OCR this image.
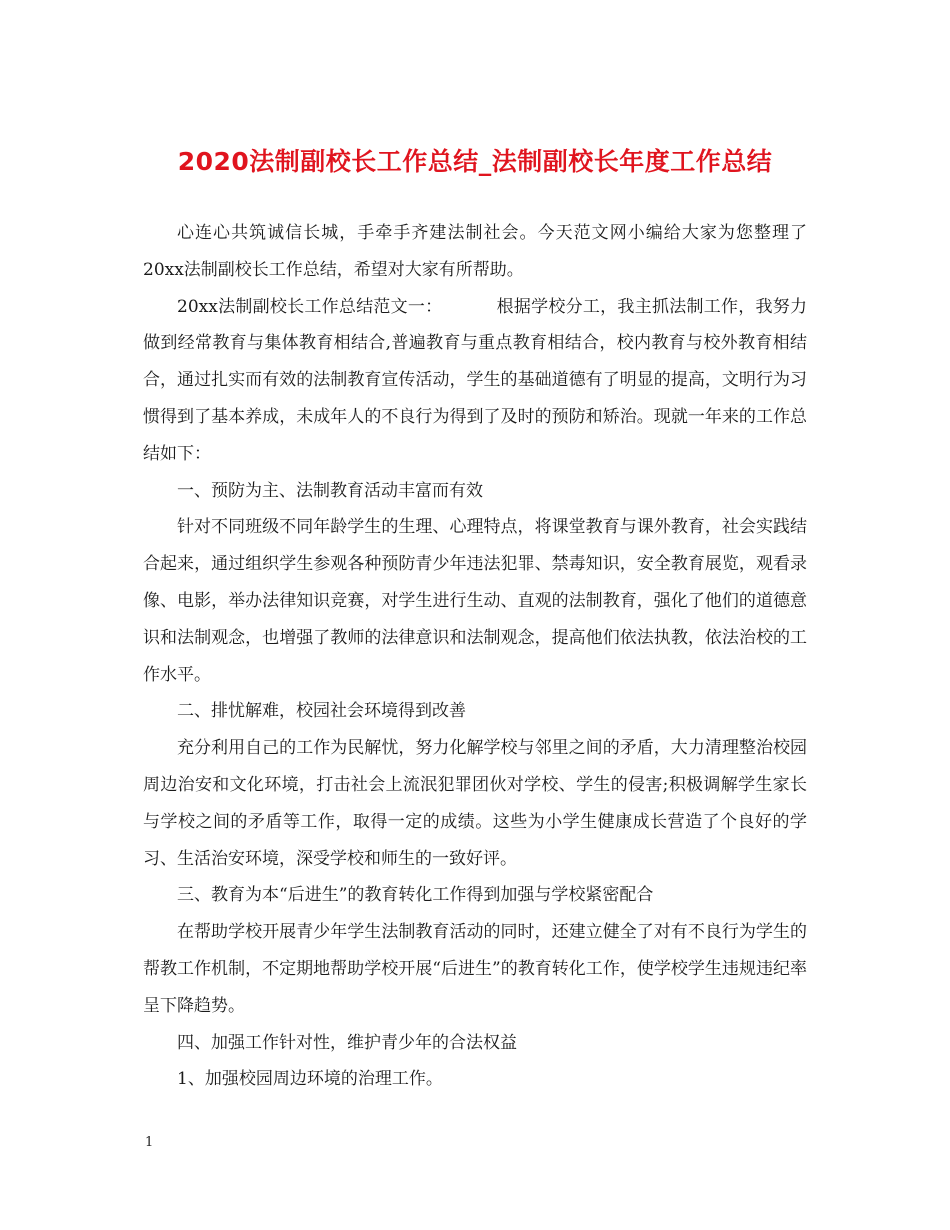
2020法制副校长工作总结_法制副校长年度工作总结

心连心共筑诚信长城，手牵手齐建法制社会。今天范文网小编给大家为您整理了20xx法制副校长工作总结，希望对大家有所帮助。

20xx法制副校长工作总结范文一：	根据学校分工，我主抓法制工作，我努力做到经常教育与集体教育相结合,普遍教育与重点教育相结合，校内教育与校外教育相结合，通过扎实而有效的法制教育宣传活动，学生的基础道德有了明显的提高，文明行为习惯得到了基本养成，未成年人的不良行为得到了及时的预防和矫治。现就一年来的工作总结如下：

一、预防为主、法制教育活动丰富而有效

针对不同班级不同年龄学生的生理、心理特点，将课堂教育与课外教育，社会实践结合起来，通过组织学生参观各种预防青少年违法犯罪、禁毒知识，安全教育展览，观看录像、电影，举办法律知识竞赛，对学生进行生动、直观的法制教育，强化了他们的道德意识和法制观念，也增强了教师的法律意识和法制观念，提高他们依法执教，依法治校的工作水平。

二、排忧解难，校园社会环境得到改善

充分利用自己的工作为民解忧，努力化解学校与邻里之间的矛盾，大力清理整治校园周边治安和文化环境，打击社会上流泯犯罪团伙对学校、学生的侵害;积极调解学生家长与学校之间的矛盾等工作，取得一定的成绩。这些为小学生健康成长营造了个良好的学习、生活治安环境，深受学校和师生的一致好评。

三、教育为本“后进生”的教育转化工作得到加强与学校紧密配合

在帮助学校开展青少年学生法制教育活动的同时，还建立健全了对有不良行为学生的帮教工作机制，不定期地帮助学校开展“后进生”的教育转化工作，使学校学生违规违纪率呈下降趋势。

四、加强工作针对性，维护青少年的合法权益

1、加强校园周边环境的治理工作。

1
